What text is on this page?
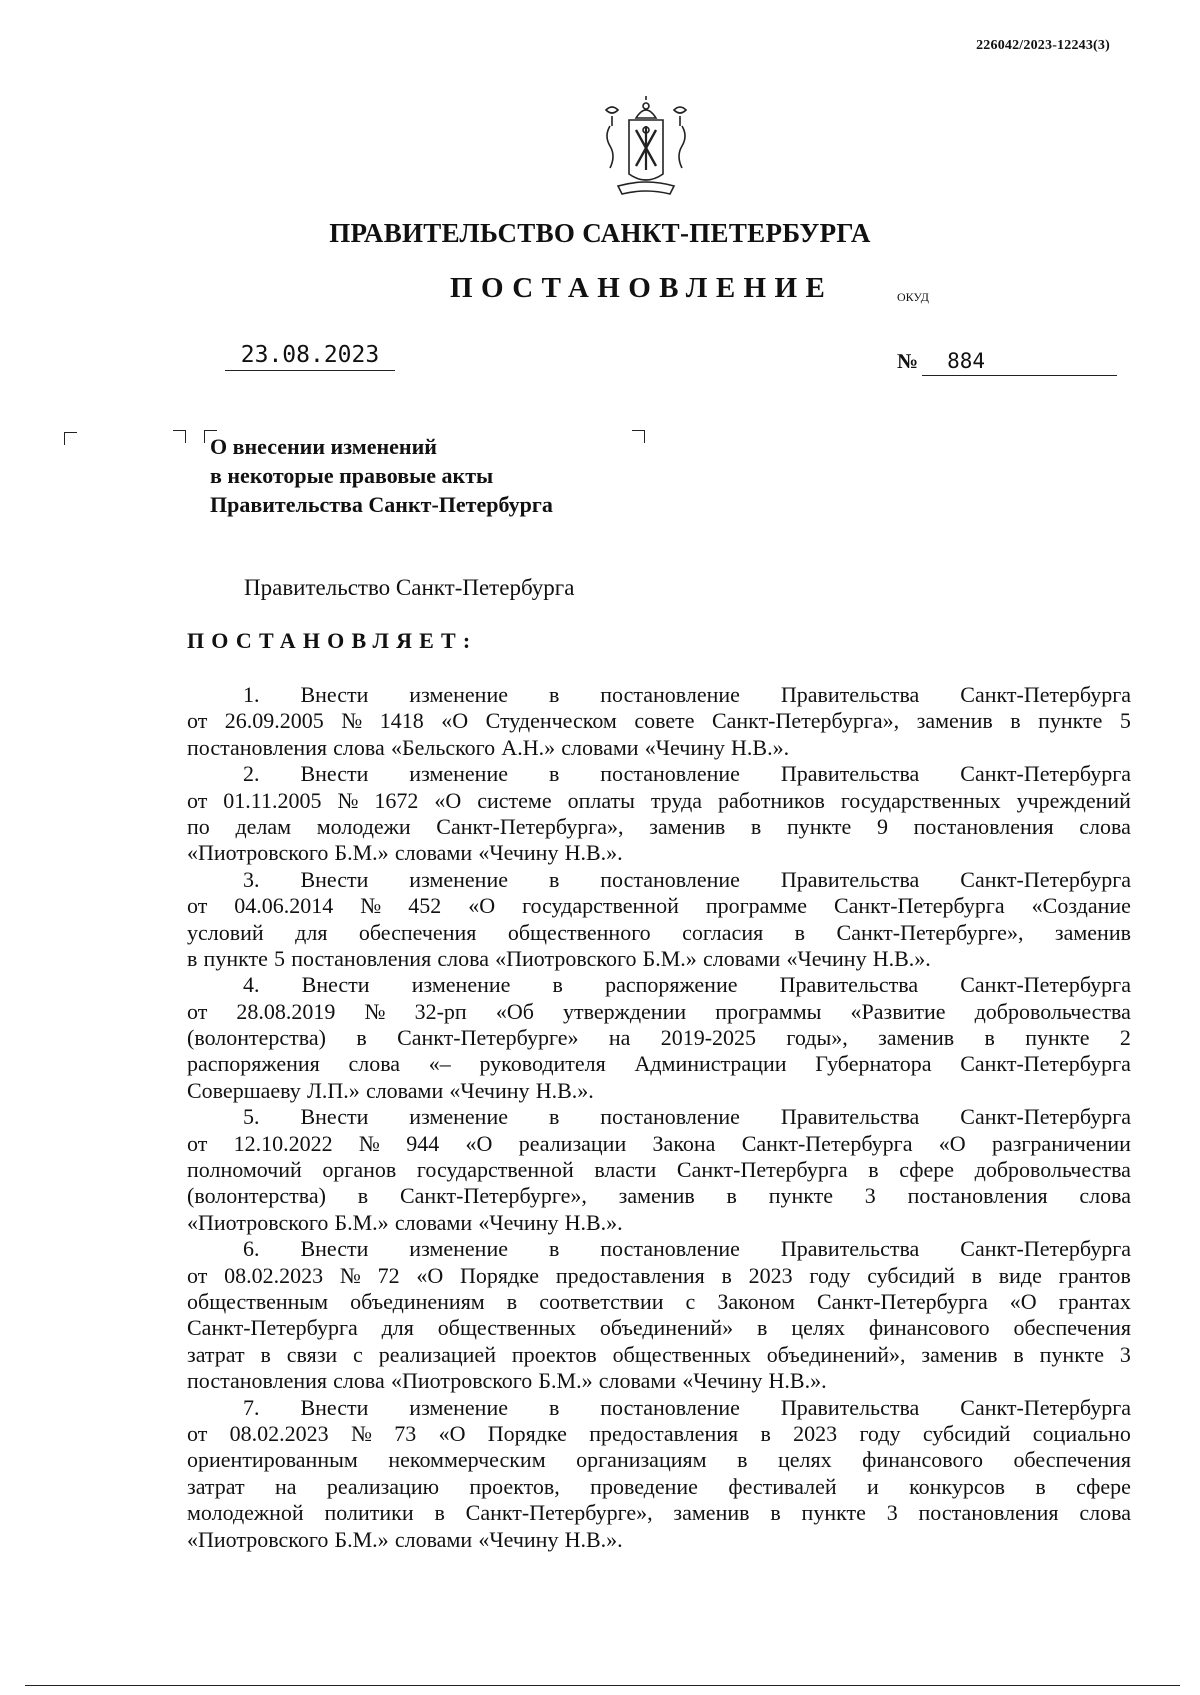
226042/2023-12243(3)
ПРАВИТЕЛЬСТВО САНКТ-ПЕТЕРБУРГА
ПОСТАНОВЛЕНИЕ	ОКУД
23.08.2023	№ 884
О внесении изменений
в некоторые правовые акты
Правительства Санкт-Петербурга
Правительство Санкт-Петербурга
ПОСТАНОВЛЯЕТ:
1. Внести изменение в постановление Правительства Санкт-Петербурга
от 26.09.2005 № 1418 «О Студенческом совете Санкт-Петербурга», заменив в пункте 5
постановления слова «Бельского А.Н.» словами «Чечину Н.В.».
2. Внести изменение в постановление Правительства Санкт-Петербурга
от 01.11.2005 № 1672 «О системе оплаты труда работников государственных учреждений
по делам молодежи Санкт-Петербурга», заменив в пункте 9 постановления слова
«Пиотровского Б.М.» словами «Чечину Н.В.».
3. Внести изменение в постановление Правительства Санкт-Петербурга
от 04.06.2014 № 452 «О государственной программе Санкт-Петербурга «Создание
условий для обеспечения общественного согласия в Санкт-Петербурге», заменив
в пункте 5 постановления слова «Пиотровского Б.М.» словами «Чечину Н.В.».
4. Внести изменение в распоряжение Правительства Санкт-Петербурга
от 28.08.2019 № 32-рп «Об утверждении программы «Развитие добровольчества
(волонтерства) в Санкт-Петербурге» на 2019-2025 годы», заменив в пункте 2
распоряжения слова «– руководителя Администрации Губернатора Санкт-Петербурга
Совершаеву Л.П.» словами «Чечину Н.В.».
5. Внести изменение в постановление Правительства Санкт-Петербурга
от 12.10.2022 № 944 «О реализации Закона Санкт-Петербурга «О разграничении
полномочий органов государственной власти Санкт-Петербурга в сфере добровольчества
(волонтерства) в Санкт-Петербурге», заменив в пункте 3 постановления слова
«Пиотровского Б.М.» словами «Чечину Н.В.».
6. Внести изменение в постановление Правительства Санкт-Петербурга
от 08.02.2023 № 72 «О Порядке предоставления в 2023 году субсидий в виде грантов
общественным объединениям в соответствии с Законом Санкт-Петербурга «О грантах
Санкт-Петербурга для общественных объединений» в целях финансового обеспечения
затрат в связи с реализацией проектов общественных объединений», заменив в пункте 3
постановления слова «Пиотровского Б.М.» словами «Чечину Н.В.».
7. Внести изменение в постановление Правительства Санкт-Петербурга
от 08.02.2023 № 73 «О Порядке предоставления в 2023 году субсидий социально
ориентированным некоммерческим организациям в целях финансового обеспечения
затрат на реализацию проектов, проведение фестивалей и конкурсов в сфере
молодежной политики в Санкт-Петербурге», заменив в пункте 3 постановления слова
«Пиотровского Б.М.» словами «Чечину Н.В.».
